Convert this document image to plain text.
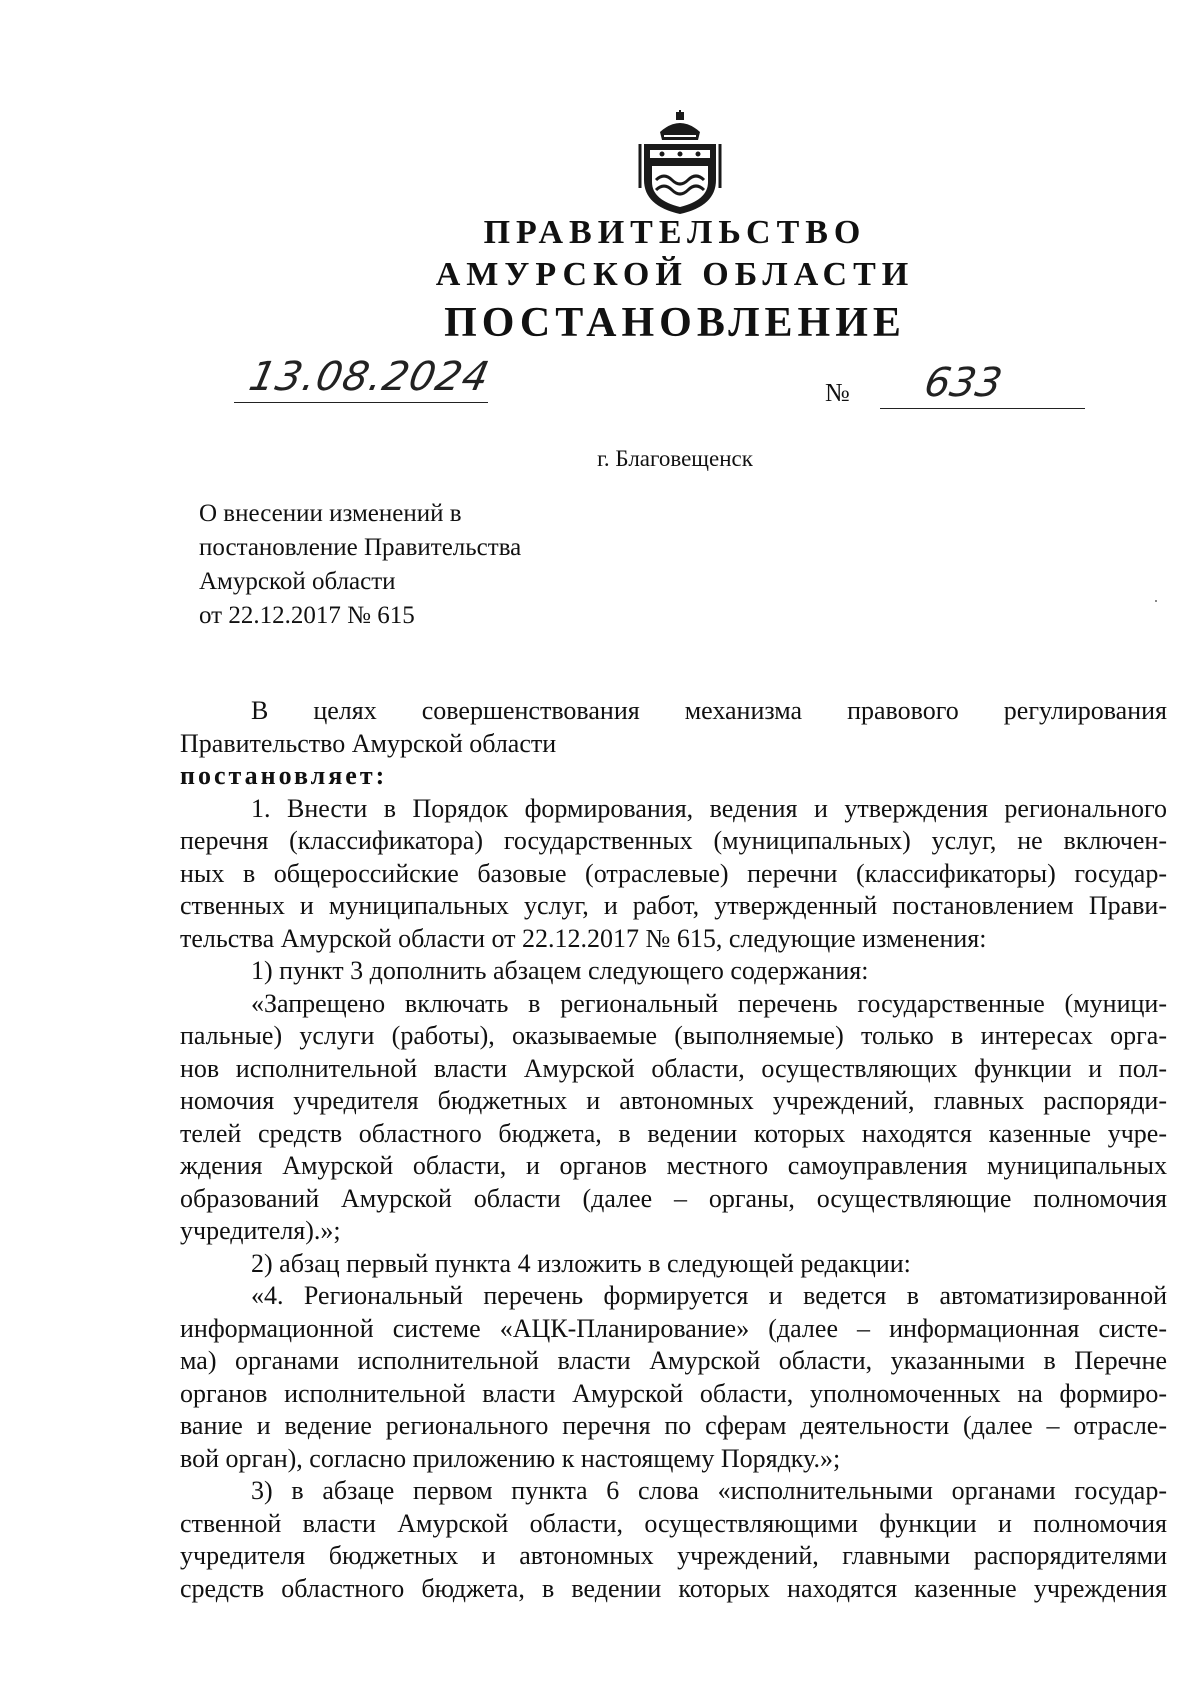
ПРАВИТЕЛЬСТВО
АМУРСКОЙ ОБЛАСТИ
ПОСТАНОВЛЕНИЕ
13.08.2024	№ 633
г. Благовещенск
О внесении изменений в
постановление Правительства
Амурской области
от 22.12.2017 № 615
В целях совершенствования механизма правового регулирования
Правительство Амурской области
постановляет:
1. Внести в Порядок формирования, ведения и утверждения регионального
перечня (классификатора) государственных (муниципальных) услуг, не включен-
ных в общероссийские базовые (отраслевые) перечни (классификаторы) государ-
ственных и муниципальных услуг, и работ, утвержденный постановлением Прави-
тельства Амурской области от 22.12.2017 № 615, следующие изменения:
1) пункт 3 дополнить абзацем следующего содержания:
«Запрещено включать в региональный перечень государственные (муници-
пальные) услуги (работы), оказываемые (выполняемые) только в интересах орга-
нов исполнительной власти Амурской области, осуществляющих функции и пол-
номочия учредителя бюджетных и автономных учреждений, главных распоряди-
телей средств областного бюджета, в ведении которых находятся казенные учре-
ждения Амурской области, и органов местного самоуправления муниципальных
образований Амурской области (далее – органы, осуществляющие полномочия
учредителя).»;
2) абзац первый пункта 4 изложить в следующей редакции:
«4. Региональный перечень формируется и ведется в автоматизированной
информационной системе «АЦК-Планирование» (далее – информационная систе-
ма) органами исполнительной власти Амурской области, указанными в Перечне
органов исполнительной власти Амурской области, уполномоченных на формиро-
вание и ведение регионального перечня по сферам деятельности (далее – отрасле-
вой орган), согласно приложению к настоящему Порядку.»;
3) в абзаце первом пункта 6 слова «исполнительными органами государ-
ственной власти Амурской области, осуществляющими функции и полномочия
учредителя бюджетных и автономных учреждений, главными распорядителями
средств областного бюджета, в ведении которых находятся казенные учреждения
